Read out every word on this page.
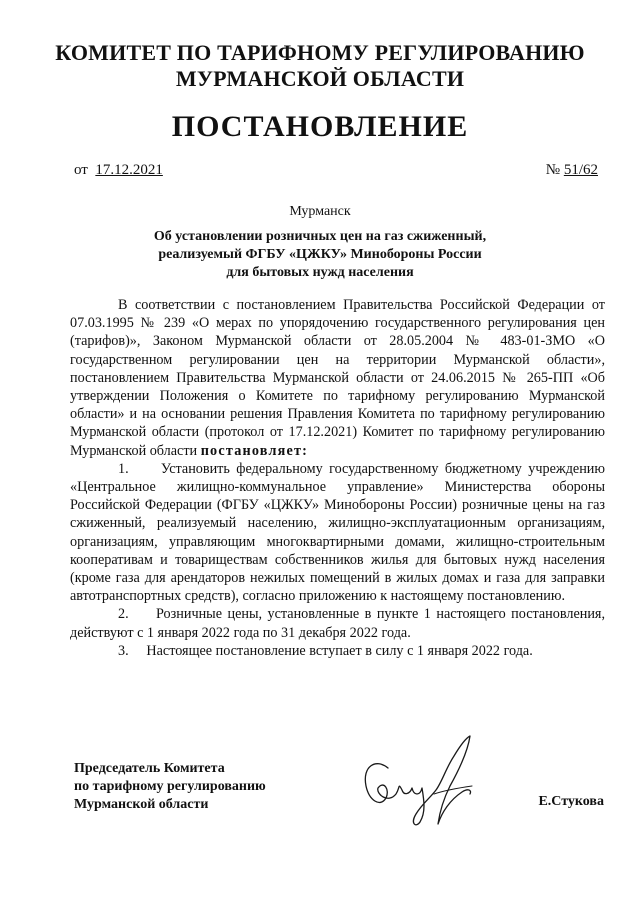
КОМИТЕТ ПО ТАРИФНОМУ РЕГУЛИРОВАНИЮ
МУРМАНСКОЙ ОБЛАСТИ
ПОСТАНОВЛЕНИЕ
от 17.12.2021	№ 51/62
Мурманск
Об установлении розничных цен на газ сжиженный,
реализуемый ФГБУ «ЦЖКУ» Минобороны России
для бытовых нужд населения

В соответствии с постановлением Правительства Российской Федерации от 07.03.1995 № 239 «О мерах по упорядочению государственного регулирования цен (тарифов)», Законом Мурманской области от 28.05.2004 № 483-01-ЗМО «О государственном регулировании цен на территории Мурманской области», постановлением Правительства Мурманской области от 24.06.2015 № 265-ПП «Об утверждении Положения о Комитете по тарифному регулированию Мурманской области» и на основании решения Правления Комитета по тарифному регулированию Мурманской области (протокол от 17.12.2021) Комитет по тарифному регулированию Мурманской области постановляет:

1.     Установить федеральному государственному бюджетному учреждению «Центральное жилищно-коммунальное управление» Министерства обороны Российской Федерации (ФГБУ «ЦЖКУ» Минобороны России) розничные цены на газ сжиженный, реализуемый населению, жилищно-эксплуатационным организациям, организациям, управляющим многоквартирными домами, жилищно-строительным кооперативам и товариществам собственников жилья для бытовых нужд населения (кроме газа для арендаторов нежилых помещений в жилых домах и газа для заправки автотранспортных средств), согласно приложению к настоящему постановлению.

2.     Розничные цены, установленные в пункте 1 настоящего постановления, действуют с 1 января 2022 года по 31 декабря 2022 года.

3.     Настоящее постановление вступает в силу с 1 января 2022 года.

Председатель Комитета
по тарифному регулированию
Мурманской области	Е.Стукова
